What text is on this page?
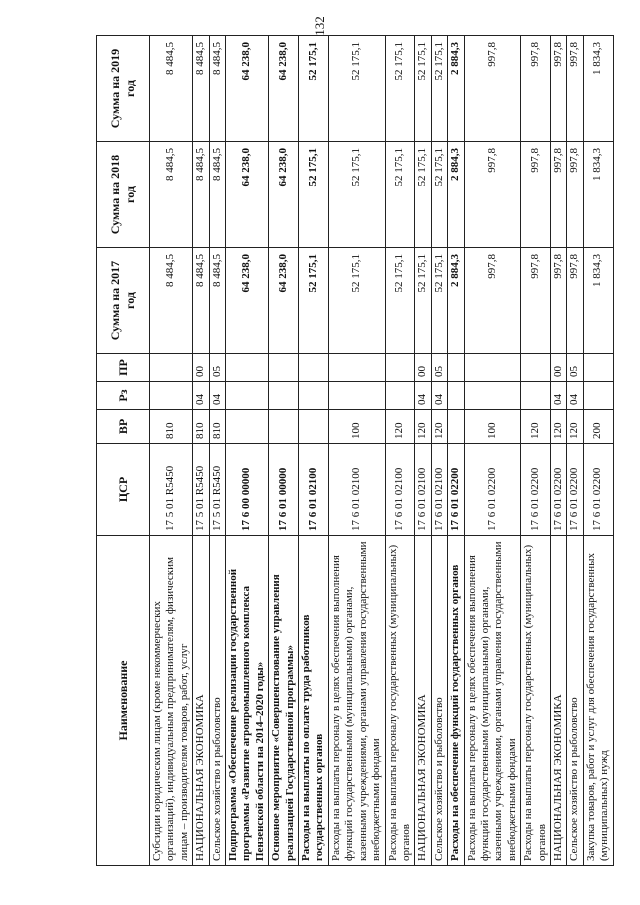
132
Наименование	ЦСР	ВР	Рз	ПР	Сумма на 2017 год	Сумма на 2018 год	Сумма на 2019 год
Субсидии юридическим лицам (кроме некоммерческих организаций), индивидуальным предпринимателям, физическим лицам – производителям товаров, работ, услуг	17 5 01 R5450	810			8 484,5	8 484,5	8 484,5
НАЦИОНАЛЬНАЯ ЭКОНОМИКА	17 5 01 R5450	810	04	00	8 484,5	8 484,5	8 484,5
Сельское хозяйство и рыболовство	17 5 01 R5450	810	04	05	8 484,5	8 484,5	8 484,5
Подпрограмма «Обеспечение реализации государственной программы «Развитие агропромышленного комплекса Пензенской области на 2014–2020 годы»	17 6 00 00000				64 238,0	64 238,0	64 238,0
Основное мероприятие «Совершенствование управления реализацией Государственной программы»	17 6 01 00000				64 238,0	64 238,0	64 238,0
Расходы на выплаты по оплате труда работников государственных органов	17 6 01 02100				52 175,1	52 175,1	52 175,1
Расходы на выплаты персоналу в целях обеспечения выполнения функций государственными (муниципальными) органами, казенными учреждениями, органами управления государственными внебюджетными фондами	17 6 01 02100	100			52 175,1	52 175,1	52 175,1
Расходы на выплаты персоналу государственных (муниципальных) органов	17 6 01 02100	120			52 175,1	52 175,1	52 175,1
НАЦИОНАЛЬНАЯ ЭКОНОМИКА	17 6 01 02100	120	04	00	52 175,1	52 175,1	52 175,1
Сельское хозяйство и рыболовство	17 6 01 02100	120	04	05	52 175,1	52 175,1	52 175,1
Расходы на обеспечение функций государственных органов	17 6 01 02200				2 884,3	2 884,3	2 884,3
Расходы на выплаты персоналу в целях обеспечения выполнения функций государственными (муниципальными) органами, казенными учреждениями, органами управления государственными внебюджетными фондами	17 6 01 02200	100			997,8	997,8	997,8
Расходы на выплаты персоналу государственных (муниципальных) органов	17 6 01 02200	120			997,8	997,8	997,8
НАЦИОНАЛЬНАЯ ЭКОНОМИКА	17 6 01 02200	120	04	00	997,8	997,8	997,8
Сельское хозяйство и рыболовство	17 6 01 02200	120	04	05	997,8	997,8	997,8
Закупка товаров, работ и услуг для обеспечения государственных (муниципальных) нужд	17 6 01 02200	200			1 834,3	1 834,3	1 834,3
